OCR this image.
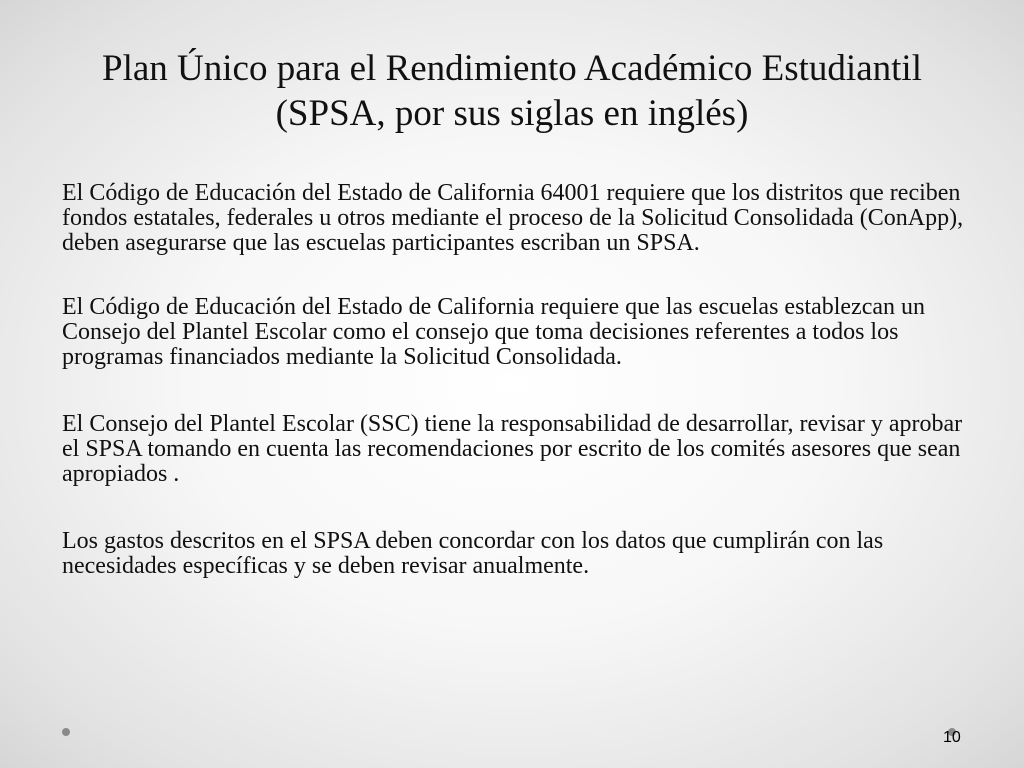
Plan Único para el Rendimiento Académico Estudiantil
(SPSA, por sus siglas en inglés)

El Código de Educación del Estado de California 64001 requiere que los distritos que reciben fondos estatales, federales u otros mediante el proceso de la Solicitud Consolidada (ConApp), deben asegurarse que las escuelas participantes escriban un SPSA.

El Código de Educación del Estado de California requiere que las escuelas establezcan un Consejo del Plantel Escolar como el consejo que toma decisiones referentes a todos los programas financiados mediante la Solicitud Consolidada.

El Consejo del Plantel Escolar (SSC) tiene la responsabilidad de desarrollar, revisar y aprobar el SPSA tomando en cuenta las recomendaciones por escrito de los comités asesores que sean apropiados .

Los gastos descritos en el SPSA deben concordar con los datos que cumplirán con las necesidades específicas y se deben revisar anualmente.

10
